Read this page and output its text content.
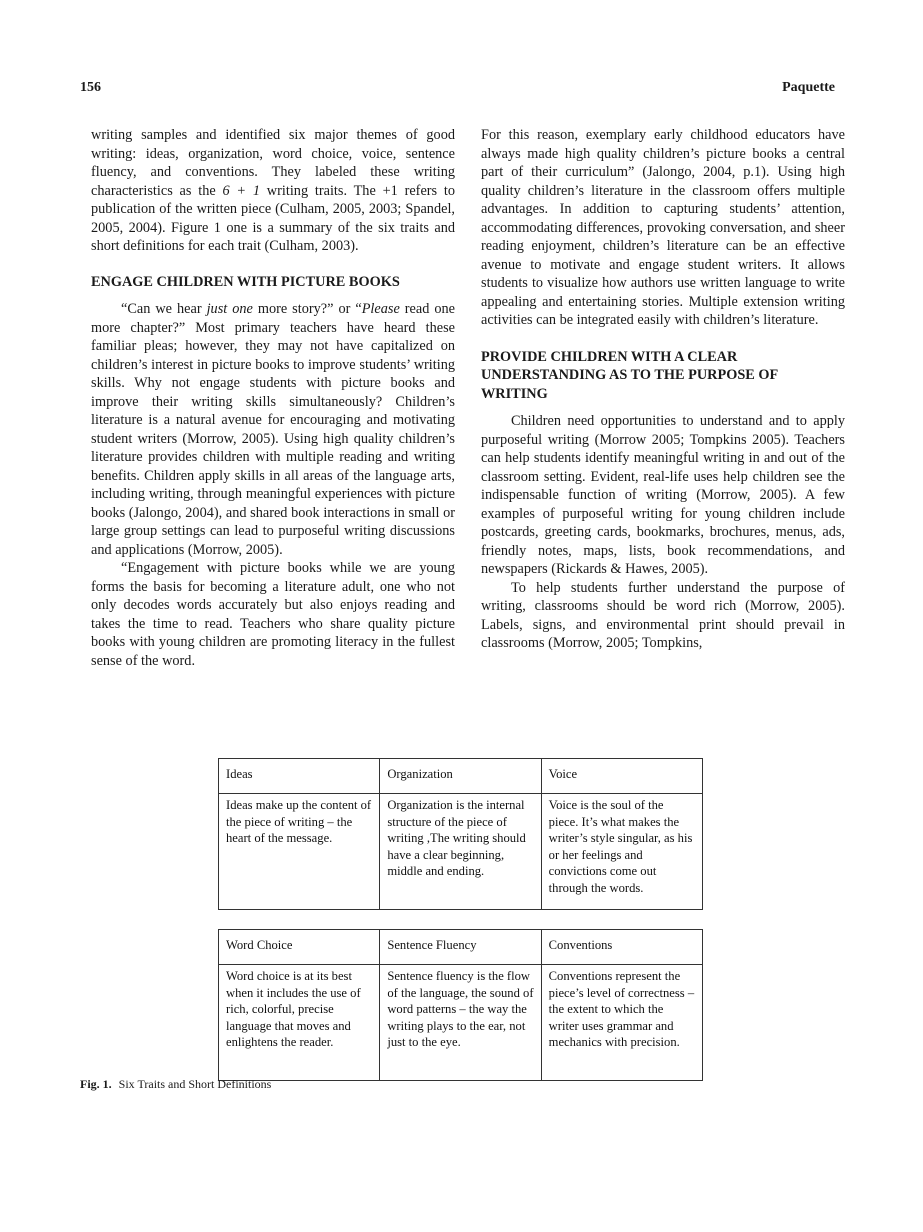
156	Paquette

writing samples and identified six major themes of good writing: ideas, organization, word choice, voice, sentence fluency, and conventions. They labeled these writing characteristics as the 6 + 1 writing traits. The +1 refers to publication of the written piece (Culham, 2005, 2003; Spandel, 2005, 2004). Figure 1 one is a summary of the six traits and short definitions for each trait (Culham, 2003).

ENGAGE CHILDREN WITH PICTURE BOOKS

“Can we hear just one more story?” or “Please read one more chapter?” Most primary teachers have heard these familiar pleas; however, they may not have capitalized on children’s interest in picture books to improve students’ writing skills. Why not engage students with picture books and improve their writing skills simultaneously? Children’s literature is a natural avenue for encouraging and motivating student writers (Morrow, 2005). Using high quality children’s literature provides children with multiple reading and writing benefits. Children apply skills in all areas of the language arts, including writing, through meaningful experiences with picture books (Jalongo, 2004), and shared book interactions in small or large group settings can lead to purposeful writing discussions and applications (Morrow, 2005).

“Engagement with picture books while we are young forms the basis for becoming a literature adult, one who not only decodes words accurately but also enjoys reading and takes the time to read. Teachers who share quality picture books with young children are promoting literacy in the fullest sense of the word.

For this reason, exemplary early childhood educators have always made high quality children’s picture books a central part of their curriculum” (Jalongo, 2004, p.1). Using high quality children’s literature in the classroom offers multiple advantages. In addition to capturing students’ attention, accommodating differences, provoking conversation, and sheer reading enjoyment, children’s literature can be an effective avenue to motivate and engage student writers. It allows students to visualize how authors use written language to write appealing and entertaining stories. Multiple extension writing activities can be integrated easily with children’s literature.

PROVIDE CHILDREN WITH A CLEAR UNDERSTANDING AS TO THE PURPOSE OF WRITING

Children need opportunities to understand and to apply purposeful writing (Morrow 2005; Tompkins 2005). Teachers can help students identify meaningful writing in and out of the classroom setting. Evident, real-life uses help children see the indispensable function of writing (Morrow, 2005). A few examples of purposeful writing for young children include postcards, greeting cards, bookmarks, brochures, menus, ads, friendly notes, maps, lists, book recommendations, and newspapers (Rickards & Hawes, 2005).

To help students further understand the purpose of writing, classrooms should be word rich (Morrow, 2005). Labels, signs, and environmental print should prevail in classrooms (Morrow, 2005; Tompkins,

Ideas	Organization	Voice
Ideas make up the content of the piece of writing – the heart of the message.	Organization is the internal structure of the piece of writing ,The writing should have a clear beginning, middle and ending.	Voice is the soul of the piece. It’s what makes the writer’s style singular, as his or her feelings and convictions come out through the words.
Word Choice	Sentence Fluency	Conventions
Word choice is at its best when it includes the use of rich, colorful, precise language that moves and enlightens the reader.	Sentence fluency is the flow of the language, the sound of word patterns – the way the writing plays to the ear, not just to the eye.	Conventions represent the piece’s level of correctness – the extent to which the writer uses grammar and mechanics with precision.
Fig. 1. Six Traits and Short Definitions
